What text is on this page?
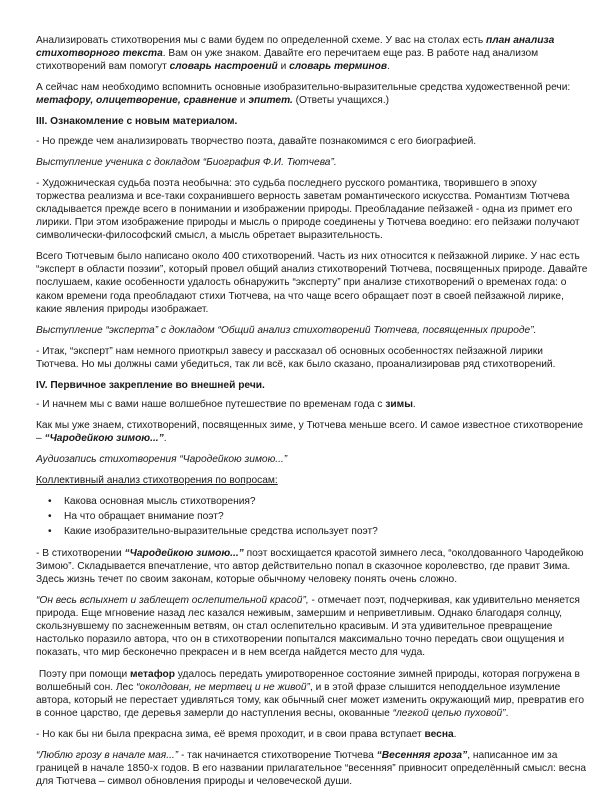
Анализировать стихотворения мы с вами будем по определенной схеме. У вас на столах есть план анализа стихотворного текста. Вам он уже знаком. Давайте его перечитаем еще раз. В работе над анализом стихотворений вам помогут словарь настроений и словарь терминов.

А сейчас нам необходимо вспомнить основные изобразительно-выразительные средства художественной речи: метафору, олицетворение, сравнение и эпитет. (Ответы учащихся.)

III. Ознакомление с новым материалом.

- Но прежде чем анализировать творчество поэта, давайте познакомимся с его биографией.

Выступление ученика с докладом “Биография Ф.И. Тютчева”.

- Художническая судьба поэта необычна: это судьба последнего русского романтика, творившего в эпоху торжества реализма и все-таки сохранившего верность заветам романтического искусства. Романтизм Тютчева складывается прежде всего в понимании и изображении природы. Преобладание пейзажей - одна из примет его лирики. При этом изображение природы и мысль о природе соединены у Тютчева воедино: его пейзажи получают символически-философский смысл, а мысль обретает выразительность.

Всего Тютчевым было написано около 400 стихотворений. Часть из них относится к пейзажной лирике. У нас есть “эксперт в области поэзии”, который провел общий анализ стихотворений Тютчева, посвященных природе. Давайте послушаем, какие особенности удалость обнаружить “эксперту” при анализе стихотворений о временах года: о каком времени года преобладают стихи Тютчева, на что чаще всего обращает поэт в своей пейзажной лирике, какие явления природы изображает.

Выступление “эксперта” с докладом “Общий анализ стихотворений Тютчева, посвященных природе”.

- Итак, “эксперт” нам немного приоткрыл завесу и рассказал об основных особенностях пейзажной лирики Тютчева. Но мы должны сами убедиться, так ли всё, как было сказано, проанализировав ряд стихотворений.

IV. Первичное закрепление во внешней речи.

- И начнем мы с вами наше волшебное путешествие по временам года с зимы.

Как мы уже знаем, стихотворений, посвященных зиме, у Тютчева меньше всего. И самое известное стихотворение – “Чародейкою зимою...”.

Аудиозапись стихотворения “Чародейкою зимою...”

Коллективный анализ стихотворения по вопросам:

• Какова основная мысль стихотворения?
• На что обращает внимание поэт?
• Какие изобразительно-выразительные средства использует поэт?

- В стихотворении “Чародейкою зимою...” поэт восхищается красотой зимнего леса, “околдованного Чародейкою Зимою”. Складывается впечатление, что автор действительно попал в сказочное королевство, где правит Зима. Здесь жизнь течет по своим законам, которые обычному человеку понять очень сложно.

“Он весь вспыхнет и заблещет ослепительной красой”, - отмечает поэт, подчеркивая, как удивительно меняется природа. Еще мгновение назад лес казался неживым, замершим и неприветливым. Однако благодаря солнцу, скользнувшему по заснеженным ветвям, он стал ослепительно красивым. И эта удивительное превращение настолько поразило автора, что он в стихотворении попытался максимально точно передать свои ощущения и показать, что мир бесконечно прекрасен и в нем всегда найдется место для чуда.

Поэту при помощи метафор удалось передать умиротворенное состояние зимней природы, которая погружена в волшебный сон. Лес “околдован, не мертвец и не живой”, и в этой фразе слышится неподдельное изумление автора, который не перестает удивляться тому, как обычный снег может изменить окружающий мир, превратив его в сонное царство, где деревья замерли до наступления весны, окованные “легкой цепью пуховой”.

- Но как бы ни была прекрасна зима, её время проходит, и в свои права вступает весна.

“Люблю грозу в начале мая...” - так начинается стихотворение Тютчева “Весенняя гроза”, написанное им за границей в начале 1850-х годов. В его названии прилагательное “весенняя” привносит определённый смысл: весна для Тютчева – символ обновления природы и человеческой души.
